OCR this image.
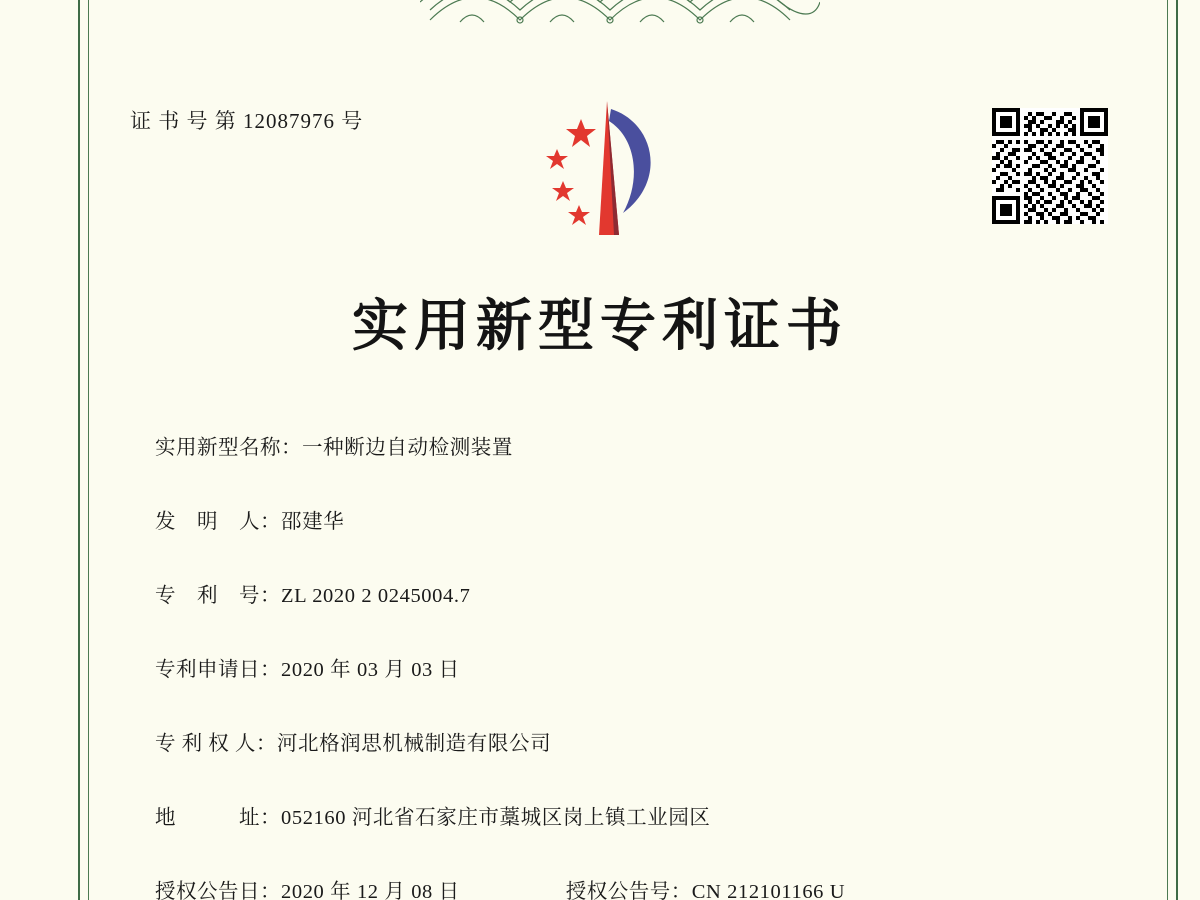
证 书 号 第 12087976 号
实用新型专利证书
实用新型名称： 一种断边自动检测装置
发　明　人： 邵建华
专　利　号： ZL 2020 2 0245004.7
专利申请日： 2020 年 03 月 03 日
专 利 权 人： 河北格润思机械制造有限公司
地　　　址： 052160 河北省石家庄市藁城区岗上镇工业园区
授权公告日： 2020 年 12 月 08 日	授权公告号： CN 212101166 U
